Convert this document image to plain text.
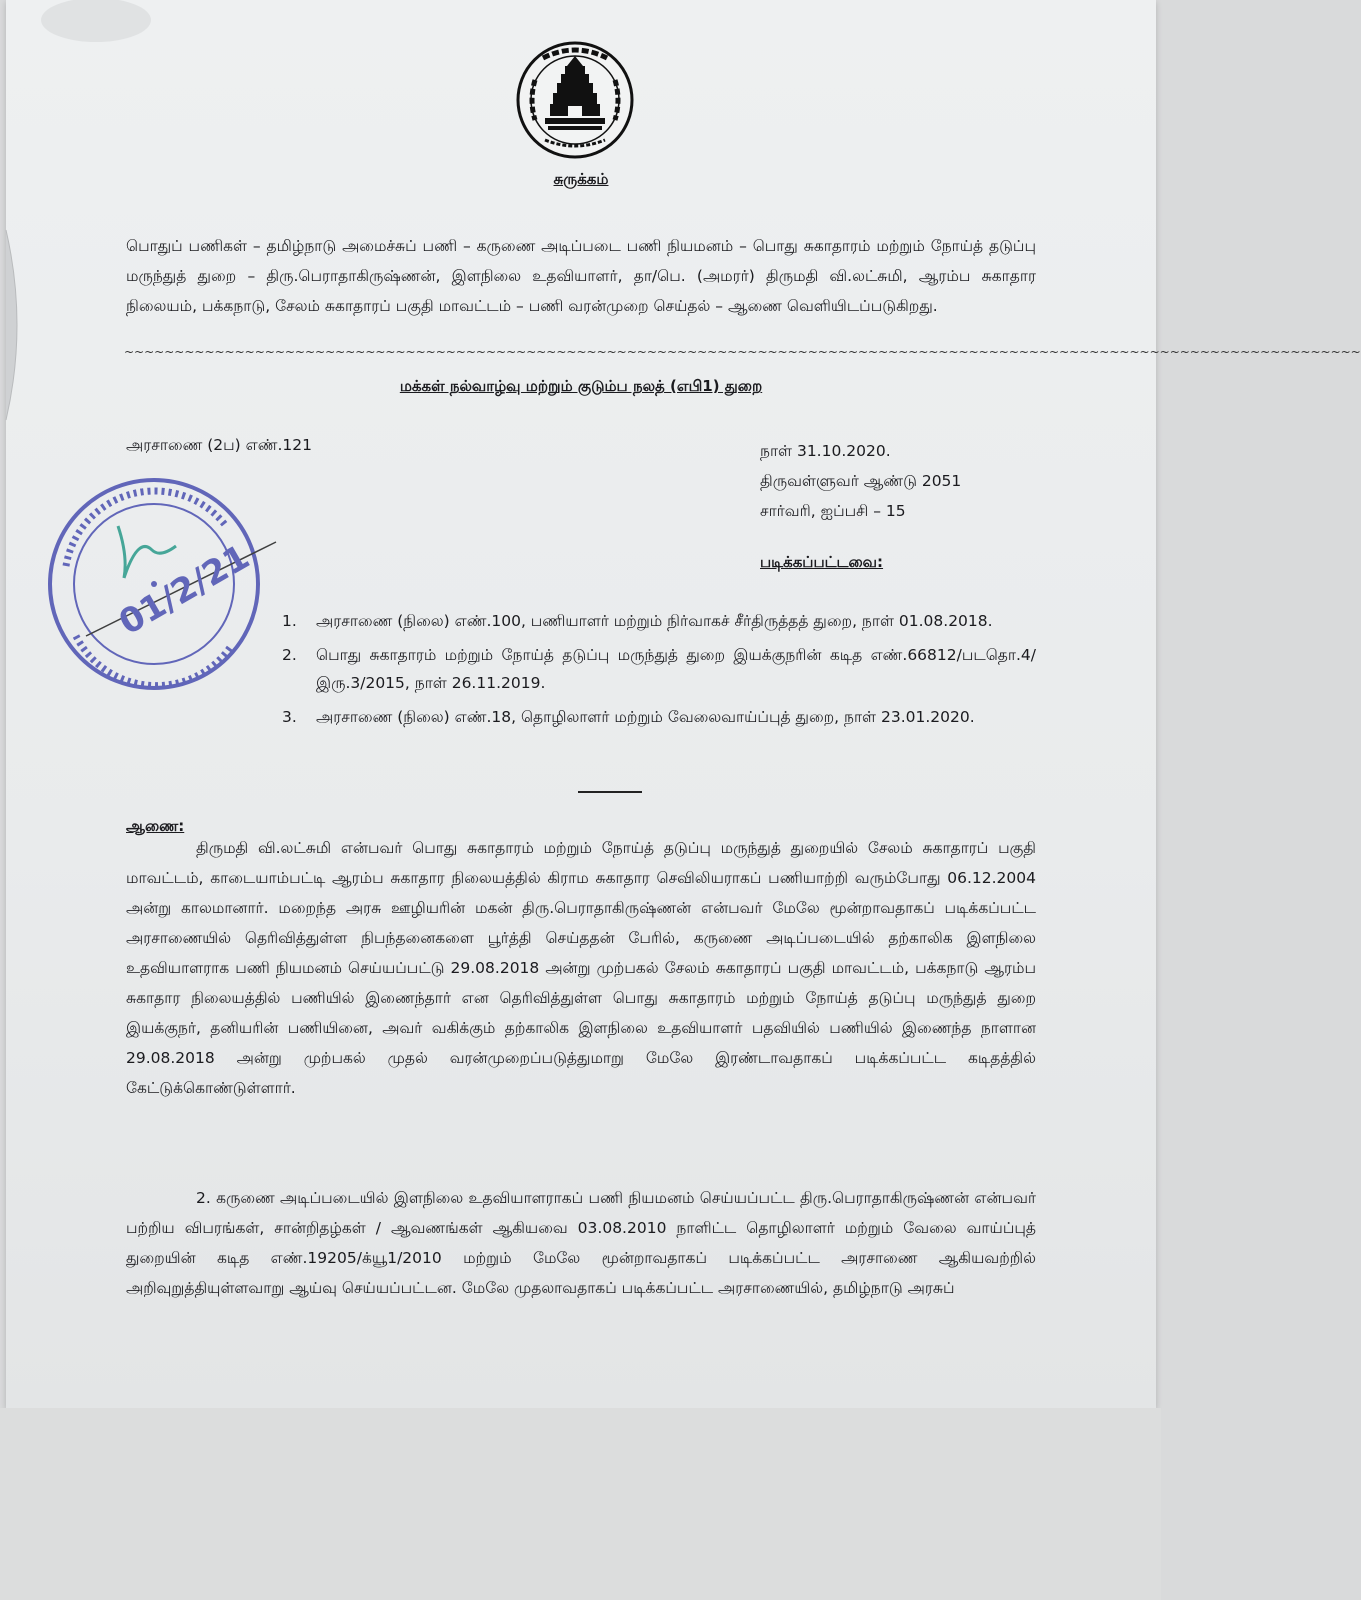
சுருக்கம்

பொதுப் பணிகள் – தமிழ்நாடு அமைச்சுப் பணி – கருணை அடிப்படை பணி நியமனம் – பொது சுகாதாரம் மற்றும் நோய்த் தடுப்பு மருந்துத் துறை – திரு.பெராதாகிருஷ்ணன், இளநிலை உதவியாளர், தா/பெ. (அமரர்) திருமதி வி.லட்சுமி, ஆரம்ப சுகாதார நிலையம், பக்கநாடு, சேலம் சுகாதாரப் பகுதி மாவட்டம் – பணி வரன்முறை செய்தல் – ஆணை வெளியிடப்படுகிறது.

~~~~~~~~~~~~~~~~~~~~~~~~~~~~~~~~~~~~~~~~~~~~~~~~~~~~~~~~~~~~~~~~~~~~~~~~~~~~~~~~~~~~~~~~~~~~~~~~~~~~~~~~~~~~~~~~~~~~~~~~~~~
மக்கள் நல்வாழ்வு மற்றும் குடும்ப நலத் (எபி1) துறை
அரசாணை (2ப) எண்.121	நாள் 31.10.2020.
திருவள்ளுவர் ஆண்டு 2051
சார்வரி, ஐப்பசி – 15
படிக்கப்பட்டவை:
1.	அரசாணை (நிலை) எண்.100, பணியாளர் மற்றும் நிர்வாகச் சீர்திருத்தத் துறை, நாள் 01.08.2018.
2.	பொது சுகாதாரம் மற்றும் நோய்த் தடுப்பு மருந்துத் துறை இயக்குநரின் கடித எண்.66812/படதொ.4/இரு.3/2015, நாள் 26.11.2019.
3.	அரசாணை (நிலை) எண்.18, தொழிலாளர் மற்றும் வேலைவாய்ப்புத் துறை, நாள் 23.01.2020.
ஆணை:

திருமதி வி.லட்சுமி என்பவர் பொது சுகாதாரம் மற்றும் நோய்த் தடுப்பு மருந்துத் துறையில் சேலம் சுகாதாரப் பகுதி மாவட்டம், காடையாம்பட்டி ஆரம்ப சுகாதார நிலையத்தில் கிராம சுகாதார செவிலியராகப் பணியாற்றி வரும்போது 06.12.2004 அன்று காலமானார். மறைந்த அரசு ஊழியரின் மகன் திரு.பெராதாகிருஷ்ணன் என்பவர் மேலே மூன்றாவதாகப் படிக்கப்பட்ட அரசாணையில் தெரிவித்துள்ள நிபந்தனைகளை பூர்த்தி செய்ததன் பேரில், கருணை அடிப்படையில் தற்காலிக இளநிலை உதவியாளராக பணி நியமனம் செய்யப்பட்டு 29.08.2018 அன்று முற்பகல் சேலம் சுகாதாரப் பகுதி மாவட்டம், பக்கநாடு ஆரம்ப சுகாதார நிலையத்தில் பணியில் இணைந்தார் என தெரிவித்துள்ள பொது சுகாதாரம் மற்றும் நோய்த் தடுப்பு மருந்துத் துறை இயக்குநர், தனியரின் பணியினை, அவர் வகிக்கும் தற்காலிக இளநிலை உதவியாளர் பதவியில் பணியில் இணைந்த நாளான 29.08.2018 அன்று முற்பகல் முதல் வரன்முறைப்படுத்துமாறு மேலே இரண்டாவதாகப் படிக்கப்பட்ட கடிதத்தில் கேட்டுக்கொண்டுள்ளார்.

2. கருணை அடிப்படையில் இளநிலை உதவியாளராகப் பணி நியமனம் செய்யப்பட்ட திரு.பெராதாகிருஷ்ணன் என்பவர் பற்றிய விபரங்கள், சான்றிதழ்கள் / ஆவணங்கள் ஆகியவை 03.08.2010 நாளிட்ட தொழிலாளர் மற்றும் வேலை வாய்ப்புத் துறையின் கடித எண்.19205/க்யூ1/2010 மற்றும் மேலே மூன்றாவதாகப் படிக்கப்பட்ட அரசாணை ஆகியவற்றில் அறிவுறுத்தியுள்ளவாறு ஆய்வு செய்யப்பட்டன. மேலே முதலாவதாகப் படிக்கப்பட்ட அரசாணையில், தமிழ்நாடு அரசுப்

01/2/21
